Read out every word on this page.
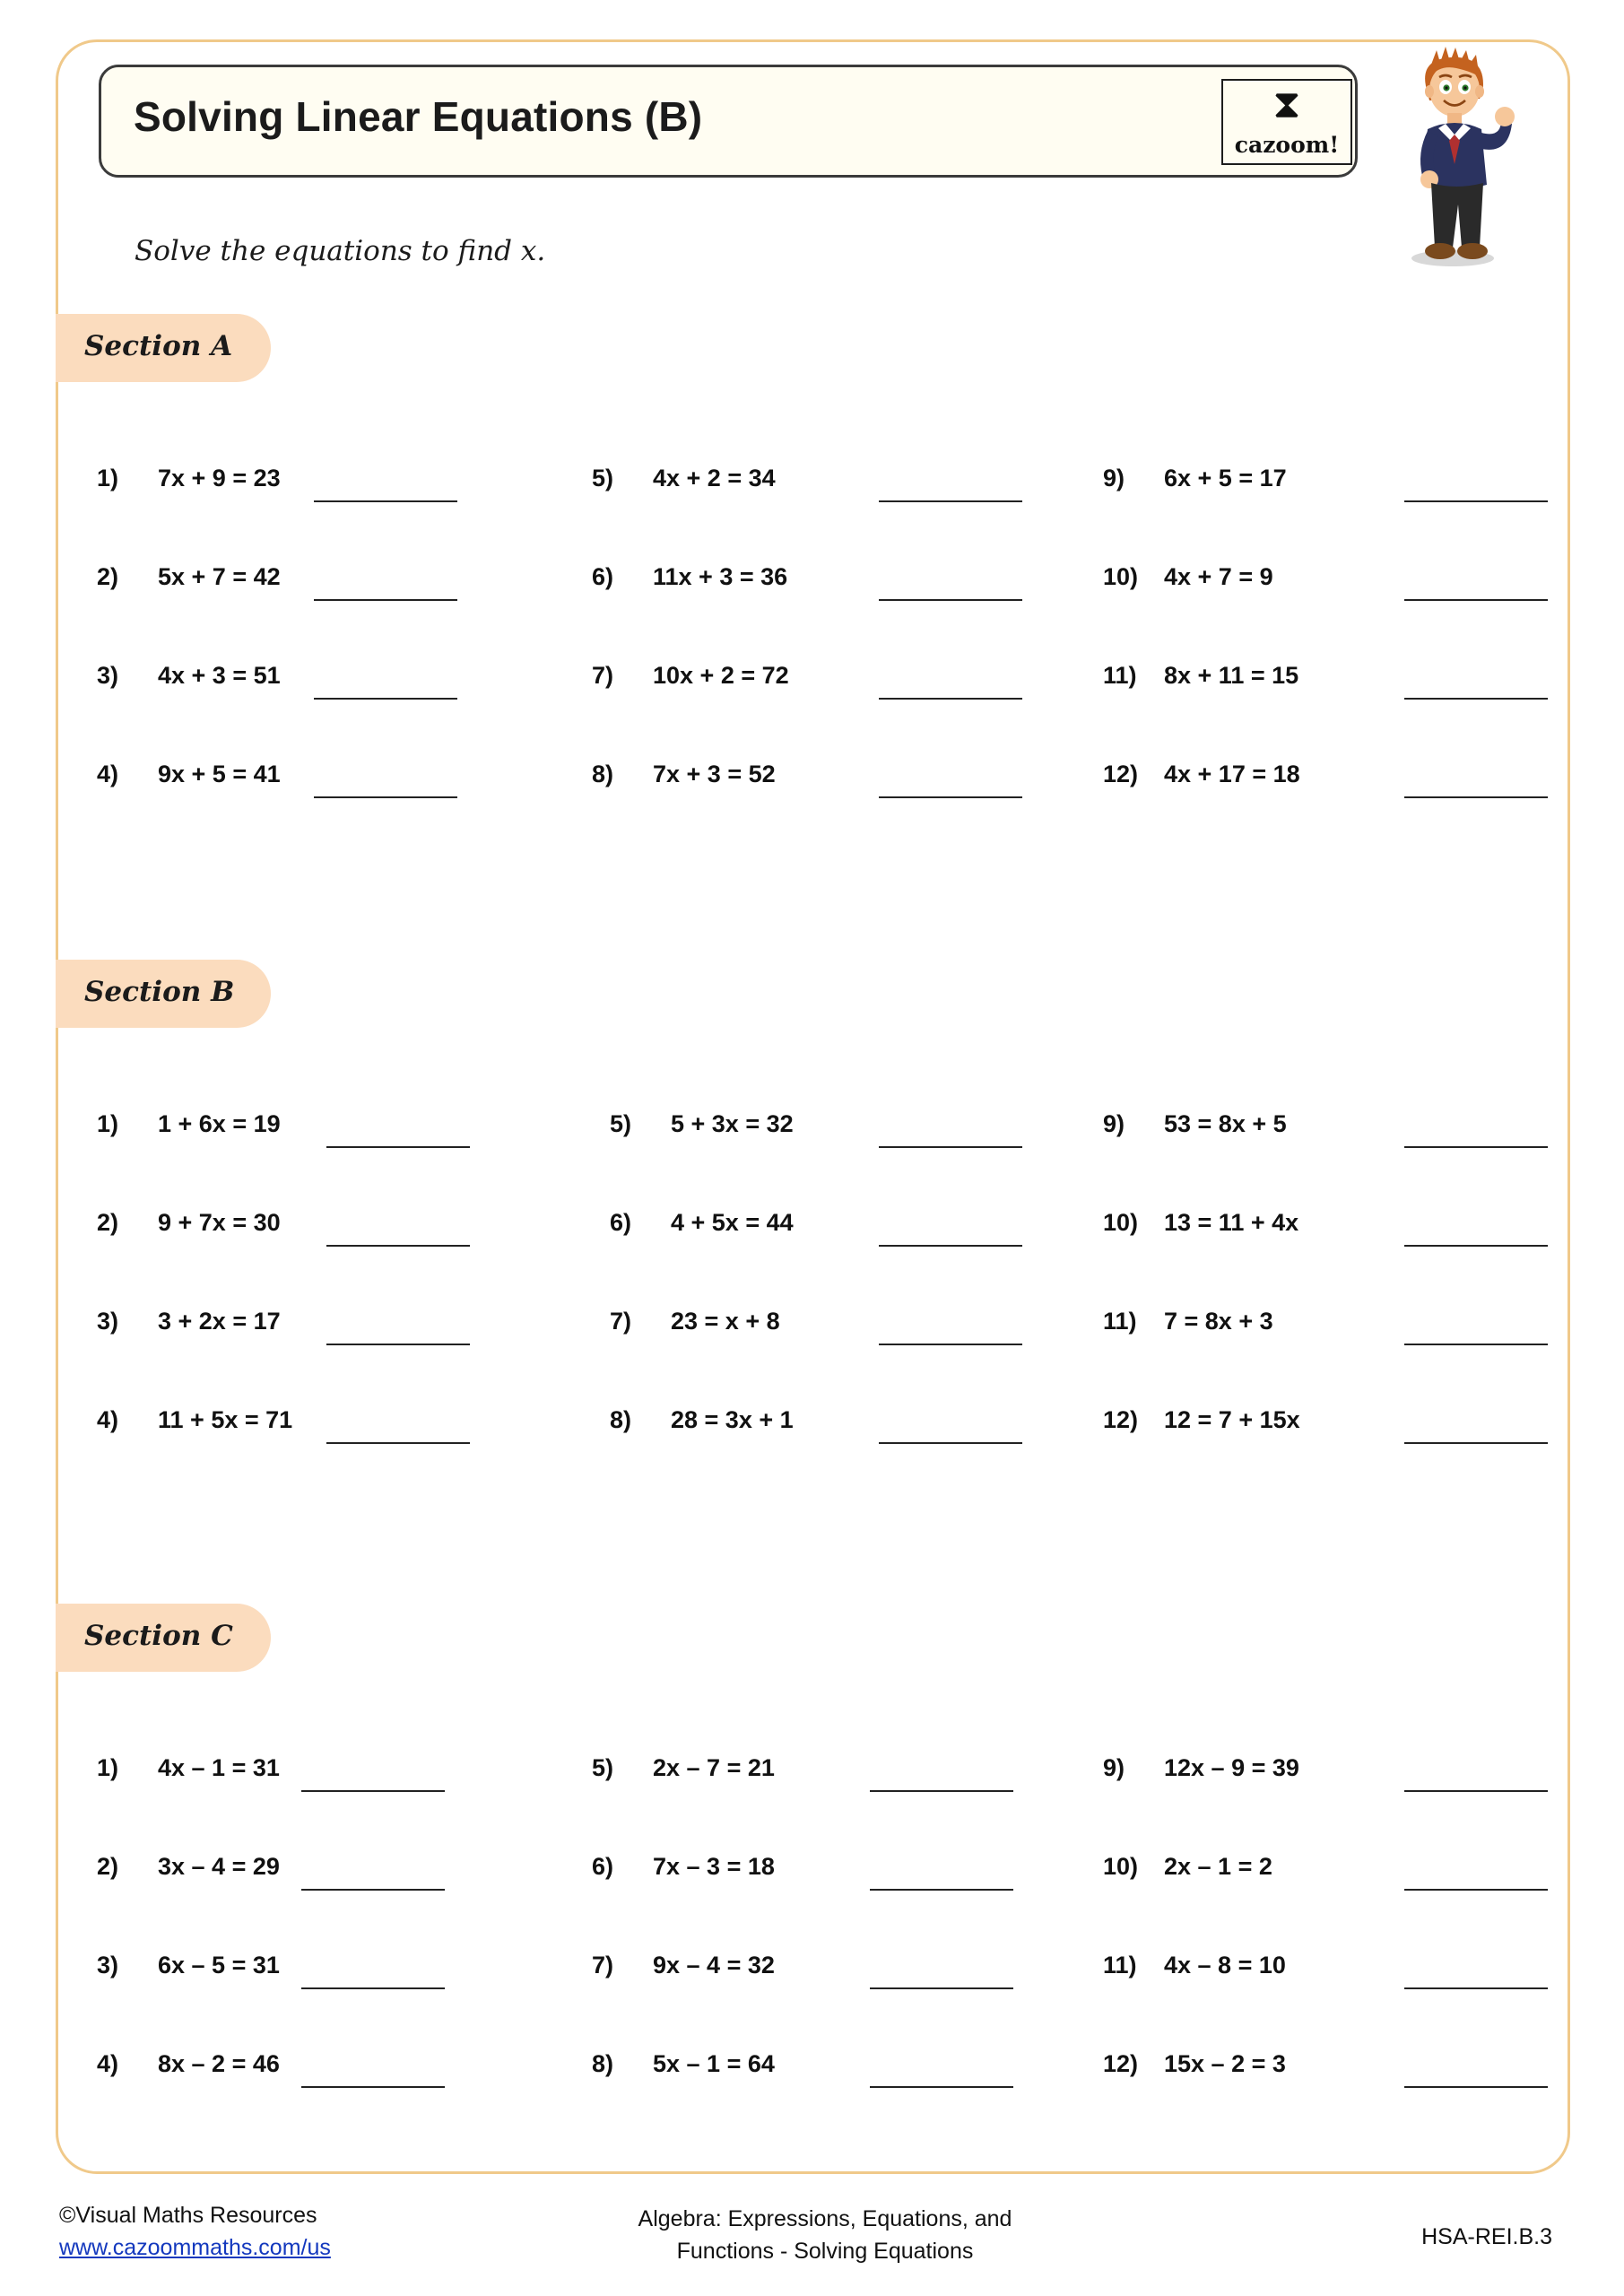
Solving Linear Equations (B)	⧗
cazoom!
Solve the equations to find x.
Section A
1)	7x + 9 = 23
2)	5x + 7 = 42
3)	4x + 3 = 51
4)	9x + 5 = 41
5)	4x + 2 = 34
6)	11x + 3 = 36
7)	10x + 2 = 72
8)	7x + 3 = 52
9)	6x + 5 = 17
10)	4x + 7 = 9
11)	8x + 11 = 15
12)	4x + 17 = 18
Section B
1)	1 + 6x = 19
2)	9 + 7x = 30
3)	3 + 2x = 17
4)	11 + 5x = 71
5)	5 + 3x = 32
6)	4 + 5x = 44
7)	23 = x + 8
8)	28 = 3x + 1
9)	53 = 8x + 5
10)	13 = 11 + 4x
11)	7 = 8x + 3
12)	12 = 7 + 15x
Section C
1)	4x – 1 = 31
2)	3x – 4 = 29
3)	6x – 5 = 31
4)	8x – 2 = 46
5)	2x – 7 = 21
6)	7x – 3 = 18
7)	9x – 4 = 32
8)	5x – 1 = 64
9)	12x – 9 = 39
10)	2x – 1 = 2
11)	4x – 8 = 10
12)	15x – 2 = 3
©Visual Maths Resources
www.cazoommaths.com/us
Algebra: Expressions, Equations, and
Functions - Solving Equations
HSA-REI.B.3
